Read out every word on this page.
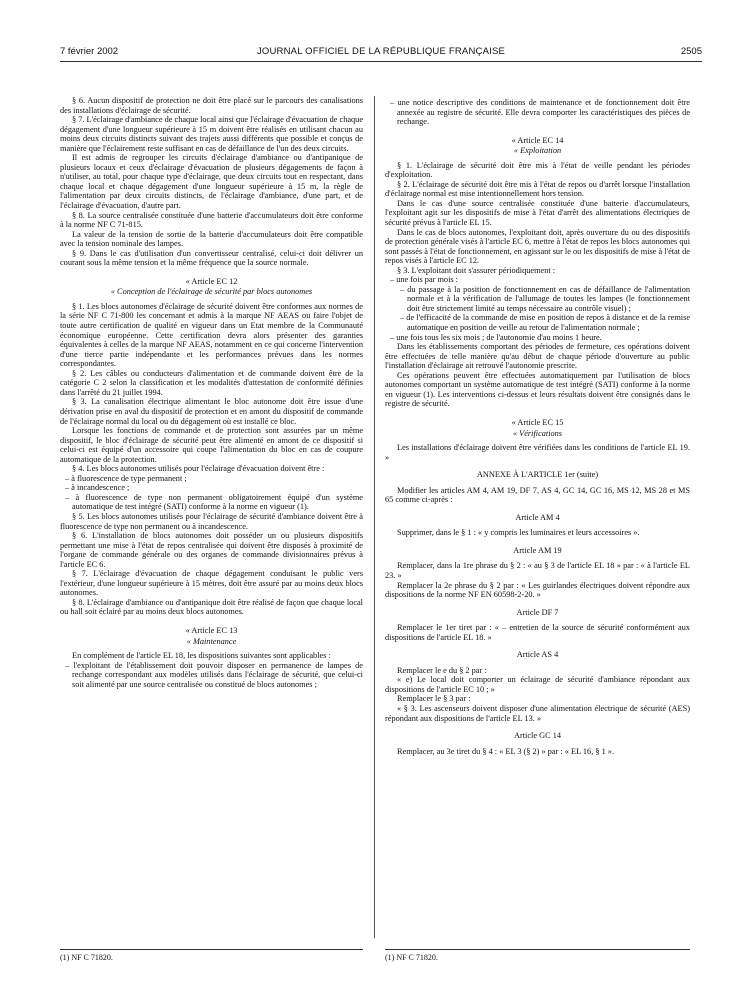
7 février 2002	JOURNAL OFFICIEL DE LA RÉPUBLIQUE FRANÇAISE	2505

§ 6. Aucun dispositif de protection ne doit être placé sur le parcours des canalisations des installations d'éclairage de sécurité.

§ 7. L'éclairage d'ambiance de chaque local ainsi que l'éclairage d'évacuation de chaque dégagement d'une longueur supérieure à 15 m doivent être réalisés en utilisant chacun au moins deux circuits distincts suivant des trajets aussi différents que possible et conçus de manière que l'éclairement reste suffisant en cas de défaillance de l'un des deux circuits.

Il est admis de regrouper les circuits d'éclairage d'ambiance ou d'antipanique de plusieurs locaux et ceux d'éclairage d'évacuation de plusieurs dégagements de façon à n'utiliser, au total, pour chaque type d'éclairage, que deux circuits tout en respectant, dans chaque local et chaque dégagement d'une longueur supérieure à 15 m, la règle de l'alimentation par deux circuits distincts, de l'éclairage d'ambiance, d'une part, et de l'éclairage d'évacuation, d'autre part.

§ 8. La source centralisée constituée d'une batterie d'accumulateurs doit être conforme à la norme NF C 71-815.

La valeur de la tension de sortie de la batterie d'accumulateurs doit être compatible avec la tension nominale des lampes.

§ 9. Dans le cas d'utilisation d'un convertisseur centralisé, celui-ci doit délivrer un courant sous la même tension et la même fréquence que la source normale.

« Article EC 12

« Conception de l'éclairage de sécurité par blocs autonomes

§ 1. Les blocs autonomes d'éclairage de sécurité doivent être conformes aux normes de la série NF C 71-800 les concernant et admis à la marque NF AEAS ou faire l'objet de toute autre certification de qualité en vigueur dans un Etat membre de la Communauté économique européenne. Cette certification devra alors présenter des garanties équivalentes à celles de la marque NF AEAS, notamment en ce qui concerne l'intervention d'une tierce partie indépendante et les performances prévues dans les normes correspondantes.

§ 2. Les câbles ou conducteurs d'alimentation et de commande doivent être de la catégorie C 2 selon la classification et les modalités d'attestation de conformité définies dans l'arrêté du 21 juillet 1994.

§ 3. La canalisation électrique alimentant le bloc autonome doit être issue d'une dérivation prise en aval du dispositif de protection et en amont du dispositif de commande de l'éclairage normal du local ou du dégagement où est installé ce bloc.

Lorsque les fonctions de commande et de protection sont assurées par un même dispositif, le bloc d'éclairage de sécurité peut être alimenté en amont de ce dispositif si celui-ci est équipé d'un accessoire qui coupe l'alimentation du bloc en cas de coupure automatique de la protection.

§ 4. Les blocs autonomes utilisés pour l'éclairage d'évacuation doivent être :

– à fluorescence de type permanent ;

– à incandescence ;

– à fluorescence de type non permanent obligatoirement équipé d'un système automatique de test intégré (SATI) conforme à la norme en vigueur (1).

§ 5. Les blocs autonomes utilisés pour l'éclairage de sécurité d'ambiance doivent être à fluorescence de type non permanent ou à incandescence.

§ 6. L'installation de blocs autonomes doit posséder un ou plusieurs dispositifs permettant une mise à l'état de repos centralisée qui doivent être disposés à proximité de l'organe de commande générale ou des organes de commande divisionnaires prévus à l'article EC 6.

§ 7. L'éclairage d'évacuation de chaque dégagement conduisant le public vers l'extérieur, d'une longueur supérieure à 15 mètres, doit être assuré par au moins deux blocs autonomes.

§ 8. L'éclairage d'ambiance ou d'antipanique doit être réalisé de façon que chaque local ou hall soit éclairé par au moins deux blocs autonomes.

« Article EC 13

« Maintenance

En complément de l'article EL 18, les dispositions suivantes sont applicables :

– l'exploitant de l'établissement doit pouvoir disposer en permanence de lampes de rechange correspondant aux modèles utilisés dans l'éclairage de sécurité, que celui-ci soit alimenté par une source centralisée ou constitué de blocs autonomes ;

– une notice descriptive des conditions de maintenance et de fonctionnement doit être annexée au registre de sécurité. Elle devra comporter les caractéristiques des pièces de rechange.

« Article EC 14

« Exploitation

§ 1. L'éclairage de sécurité doit être mis à l'état de veille pendant les périodes d'exploitation.

§ 2. L'éclairage de sécurité doit être mis à l'état de repos ou d'arrêt lorsque l'installation d'éclairage normal est mise intentionnellement hors tension.

Dans le cas d'une source centralisée constituée d'une batterie d'accumulateurs, l'exploitant agit sur les dispositifs de mise à l'état d'arrêt des alimentations électriques de sécurité prévus à l'article EL 15.

Dans le cas de blocs autonomes, l'exploitant doit, après ouverture du ou des dispositifs de protection générale visés à l'article EC 6, mettre à l'état de repos les blocs autonomes qui sont passés à l'état de fonctionnement, en agissant sur le ou les dispositifs de mise à l'état de repos visés à l'article EC 12.

§ 3. L'exploitant doit s'assurer périodiquement :

– une fois par mois :

– du passage à la position de fonctionnement en cas de défaillance de l'alimentation normale et à la vérification de l'allumage de toutes les lampes (le fonctionnement doit être strictement limité au temps nécessaire au contrôle visuel) ;

– de l'efficacité de la commande de mise en position de repos à distance et de la remise automatique en position de veille au retour de l'alimentation normale ;

– une fois tous les six mois ; de l'autonomie d'au moins 1 heure.

Dans les établissements comportant des périodes de fermeture, ces opérations doivent être effectuées de telle manière qu'au début de chaque période d'ouverture au public l'installation d'éclairage ait retrouvé l'autonomie prescrite.

Ces opérations peuvent être effectuées automatiquement par l'utilisation de blocs autonomes comportant un système automatique de test intégré (SATI) conforme à la norme en vigueur (1). Les interventions ci-dessus et leurs résultats doivent être consignés dans le registre de sécurité.

« Article EC 15

« Vérifications

Les installations d'éclairage doivent être vérifiées dans les conditions de l'article EL 19. »

ANNEXE À L'ARTICLE 1er (suite)

Modifier les articles AM 4, AM 19, DF 7, AS 4, GC 14, GC 16, MS 12, MS 28 et MS 65 comme ci-après :

Article AM 4

Supprimer, dans le § 1 : « y compris les luminaires et leurs accessoires ».

Article AM 19

Remplacer, dans la 1re phrase du § 2 : « au § 3 de l'article EL 18 » par : « à l'article EL 23. »

Remplacer la 2e phrase du § 2 par : « Les guirlandes électriques doivent répondre aux dispositions de la norme NF EN 60598-2-20. »

Article DF 7

Remplacer le 1er tiret par : « – entretien de la source de sécurité conformément aux dispositions de l'article EL 18. »

Article AS 4

Remplacer le e du § 2 par :

« e) Le local doit comporter un éclairage de sécurité d'ambiance répondant aux dispositions de l'article EC 10 ; »

Remplacer le § 3 par :

« § 3. Les ascenseurs doivent disposer d'une alimentation électrique de sécurité (AES) répondant aux dispositions de l'article EL 13. »

Article GC 14

Remplacer, au 3e tiret du § 4 : « EL 3 (§ 2) » par : « EL 16, § 1 ».

(1) NF C 71820.	(1) NF C 71820.
